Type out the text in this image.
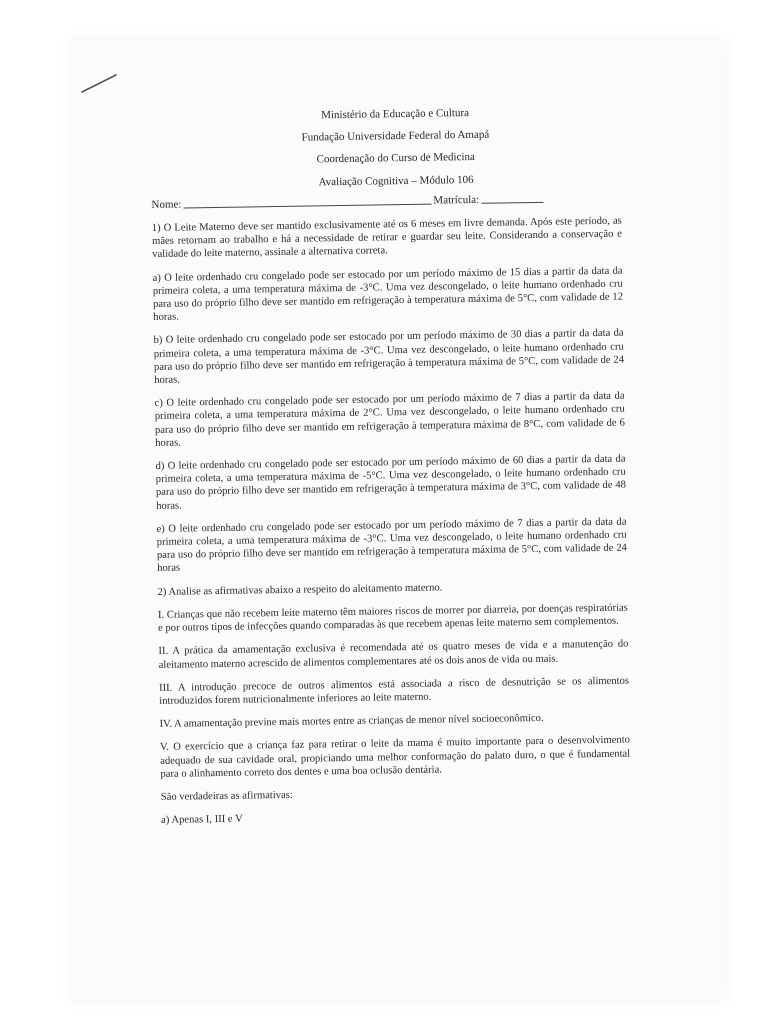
Ministério da Educação e Cultura
Fundação Universidade Federal do Amapá
Coordenação do Curso de Medicina
Avaliação Cognitiva – Módulo 106
Nome:	Matrícula:

1) O Leite Materno deve ser mantido exclusivamente até os 6 meses em livre demanda. Após este período, as mães retornam ao trabalho e há a necessidade de retirar e guardar seu leite. Considerando a conservação e validade do leite materno, assinale a alternativa correta.

a) O leite ordenhado cru congelado pode ser estocado por um período máximo de 15 dias a partir da data da primeira coleta, a uma temperatura máxima de -3°C. Uma vez descongelado, o leite humano ordenhado cru para uso do próprio filho deve ser mantido em refrigeração à temperatura máxima de 5°C, com validade de 12 horas.

b) O leite ordenhado cru congelado pode ser estocado por um período máximo de 30 dias a partir da data da primeira coleta, a uma temperatura máxima de -3°C. Uma vez descongelado, o leite humano ordenhado cru para uso do próprio filho deve ser mantido em refrigeração à temperatura máxima de 5°C, com validade de 24 horas.

c) O leite ordenhado cru congelado pode ser estocado por um período máximo de 7 dias a partir da data da primeira coleta, a uma temperatura máxima de 2°C. Uma vez descongelado, o leite humano ordenhado cru para uso do próprio filho deve ser mantido em refrigeração à temperatura máxima de 8°C, com validade de 6 horas.

d) O leite ordenhado cru congelado pode ser estocado por um período máximo de 60 dias a partir da data da primeira coleta, a uma temperatura máxima de -5°C. Uma vez descongelado, o leite humano ordenhado cru para uso do próprio filho deve ser mantido em refrigeração à temperatura máxima de 3°C, com validade de 48 horas.

e) O leite ordenhado cru congelado pode ser estocado por um período máximo de 7 dias a partir da data da primeira coleta, a uma temperatura máxima de -3°C. Uma vez descongelado, o leite humano ordenhado cru para uso do próprio filho deve ser mantido em refrigeração à temperatura máxima de 5°C, com validade de 24 horas

2) Analise as afirmativas abaixo a respeito do aleitamento materno.

I. Crianças que não recebem leite materno têm maiores riscos de morrer por diarreia, por doenças respiratórias e por outros tipos de infecções quando comparadas às que recebem apenas leite materno sem complementos.

II. A prática da amamentação exclusiva é recomendada até os quatro meses de vida e a manutenção do aleitamento materno acrescido de alimentos complementares até os dois anos de vida ou mais.

III. A introdução precoce de outros alimentos está associada a risco de desnutrição se os alimentos introduzidos forem nutricionalmente inferiores ao leite materno.

IV. A amamentação previne mais mortes entre as crianças de menor nível socioeconômico.

V. O exercício que a criança faz para retirar o leite da mama é muito importante para o desenvolvimento adequado de sua cavidade oral, propiciando uma melhor conformação do palato duro, o que é fundamental para o alinhamento correto dos dentes e uma boa oclusão dentária.

São verdadeiras as afirmativas:

a) Apenas I, III e V
